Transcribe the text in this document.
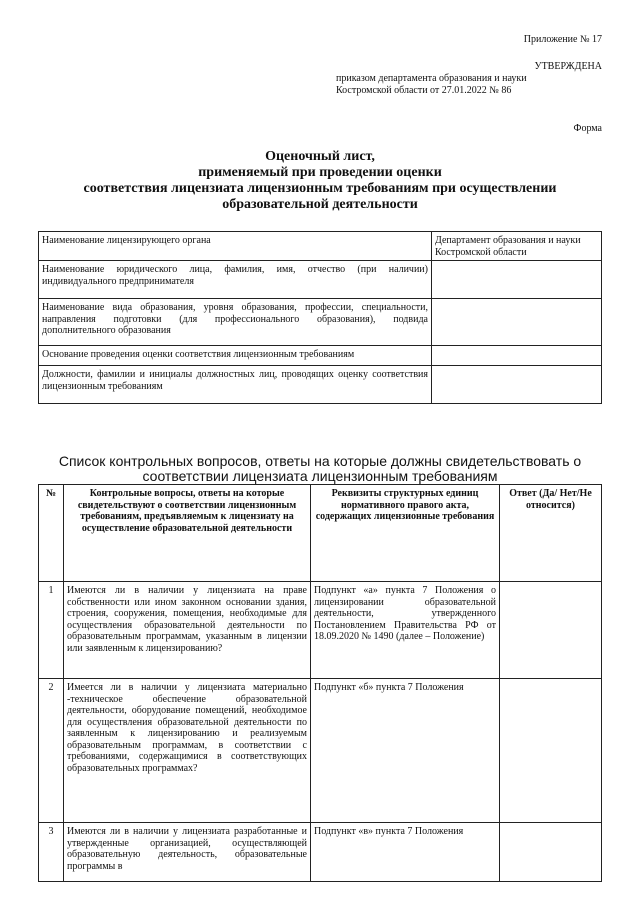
Приложение № 17
УТВЕРЖДЕНА
приказом департамента образования и науки
Костромской области от 27.01.2022 № 86
Форма
Оценочный лист,
применяемый при проведении оценки
соответствия лицензиата лицензионным требованиям при осуществлении
образовательной деятельности
Наименование лицензирующего органа	Департамент образования и науки Костромской области
Наименование юридического лица, фамилия, имя, отчество (при наличии) индивидуального предпринимателя	
Наименование вида образования, уровня образования, профессии, специальности, направления подготовки (для профессионального образования), подвида дополнительного образования	
Основание проведения оценки соответствия лицензионным требованиям	
Должности, фамилии и инициалы должностных лиц, проводящих оценку соответствия лицензионным требованиям	
Список контрольных вопросов, ответы на которые должны свидетельствовать о
соответствии лицензиата лицензионным требованиям
№	Контрольные вопросы, ответы на которые свидетельствуют о соответствии лицензионным требованиям, предъявляемым к лицензиату на осуществление образовательной деятельности	Реквизиты структурных единиц нормативного правого акта, содержащих лицензионные требования	Ответ (Да/ Нет/Не относится)
1	Имеются ли в наличии у лицензиата на праве собственности или ином законном основании здания, строения, сооружения, помещения, необходимые для осуществления образовательной деятельности по образовательным программам, указанным в лицензии или заявленным к лицензированию?	Подпункт «а» пункта 7 Положения о лицензировании образовательной деятельности, утвержденного Постановлением Правительства РФ от 18.09.2020 № 1490 (далее – Положение)	
2	Имеется ли в наличии у лицензиата материально -техническое обеспечение образовательной деятельности, оборудование помещений, необходимое для осуществления образовательной деятельности по заявленным к лицензированию и реализуемым образовательным программам, в соответствии с требованиями, содержащимися в соответствующих образовательных программах?	Подпункт «б» пункта 7 Положения	
3	Имеются ли в наличии у лицензиата разработанные и утвержденные организацией, осуществляющей образовательную деятельность, образовательные программы в	Подпункт «в» пункта 7 Положения	
